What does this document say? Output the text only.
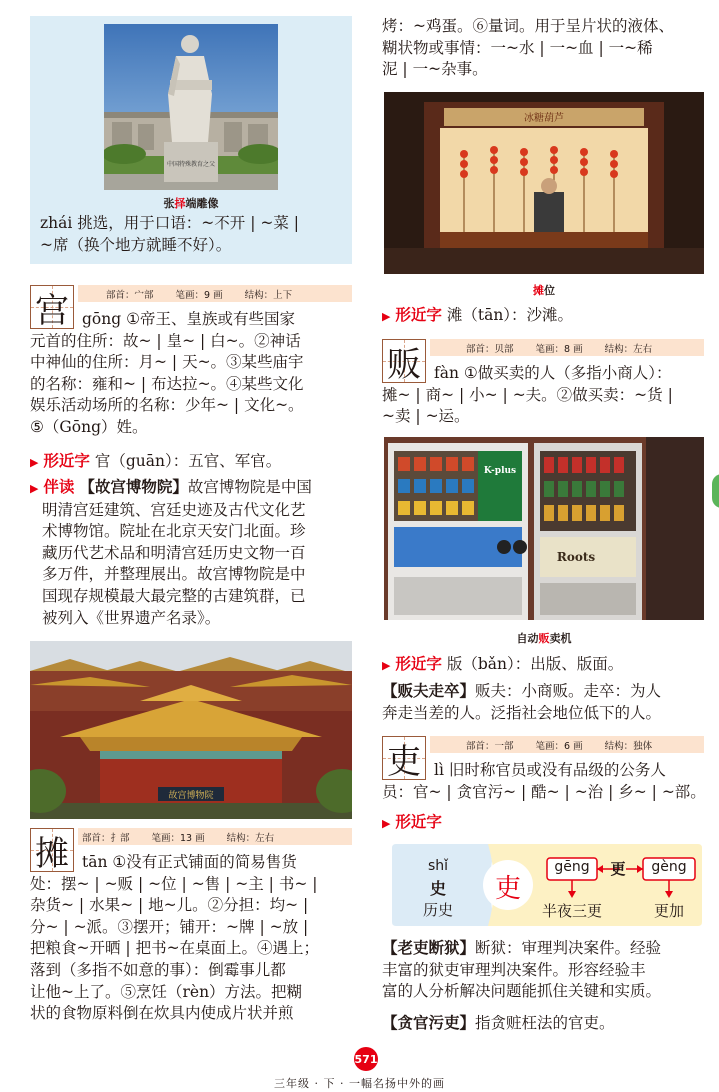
中国特殊教育之父
张择端雕像
zhái 挑选，用于口语：~不开 | ~菜 |
~席（换个地方就睡不好）。
宫	部首：宀部 笔画：9 画 结构：上下
gōng ①帝王、皇族或有些国家
元首的住所：故~ | 皇~ | 白~。②神话
中神仙的住所：月~ | 天~。③某些庙宇
的名称：雍和~ | 布达拉~。④某些文化
娱乐活动场所的名称：少年~ | 文化~。
⑤（Gōng）姓。
▶ 形近字 官（guān）：五官、军官。
▶ 伴读 【故宫博物院】故宫博物院是中国
明清宫廷建筑、宫廷史迹及古代文化艺
术博物馆。院址在北京天安门北面。珍
藏历代艺术品和明清宫廷历史文物一百
多万件，并整理展出。故宫博物院是中
国现存规模最大最完整的古建筑群，已
被列入《世界遗产名录》。
故宫博物院
摊	部首：扌部 笔画：13 画 结构：左右
tān ①没有正式铺面的简易售货
处：摆~ | ~贩 | ~位 | ~售 | ~主 | 书~ |
杂货~ | 水果~ | 地~儿。②分担：均~ |
分~ | ~派。③摆开；铺开：~牌 | ~放 |
把粮食~开晒 | 把书~在桌面上。④遇上；
落到（多指不如意的事）：倒霉事儿都
让他~上了。⑤烹饪（rèn）方法。把糊
状的食物原料倒在炊具内使成片状并煎
烤：~鸡蛋。⑥量词。用于呈片状的液体、
糊状物或事情：一~水 | 一~血 | 一~稀
泥 | 一~杂事。
冰糖葫芦
摊位
▶ 形近字 滩（tān）：沙滩。
贩	部首：贝部 笔画：8 画 结构：左右
fàn ①做买卖的人（多指小商人）：
摊~ | 商~ | 小~ | ~夫。②做买卖：~货 |
~卖 | ~运。
K-plus
Roots
自动贩卖机
▶ 形近字 版（bǎn）：出版、版面。
【贩夫走卒】贩夫：小商贩。走卒：为人
奔走当差的人。泛指社会地位低下的人。
吏	部首：一部 笔画：6 画 结构：独体
lì 旧时称官员或没有品级的公务人
员：官~ | 贪官污~ | 酷~ | ~治 | 乡~ | ~部。
▶ 形近字
shǐ
史
历史
吏
gēng	更	gèng
半夜三更	更加
【老吏断狱】断狱：审理判决案件。经验
丰富的狱吏审理判决案件。形容经验丰
富的人分析解决问题能抓住关键和实质。
【贪官污吏】指贪赃枉法的官吏。
571
三年级 · 下 · 一幅名扬中外的画
